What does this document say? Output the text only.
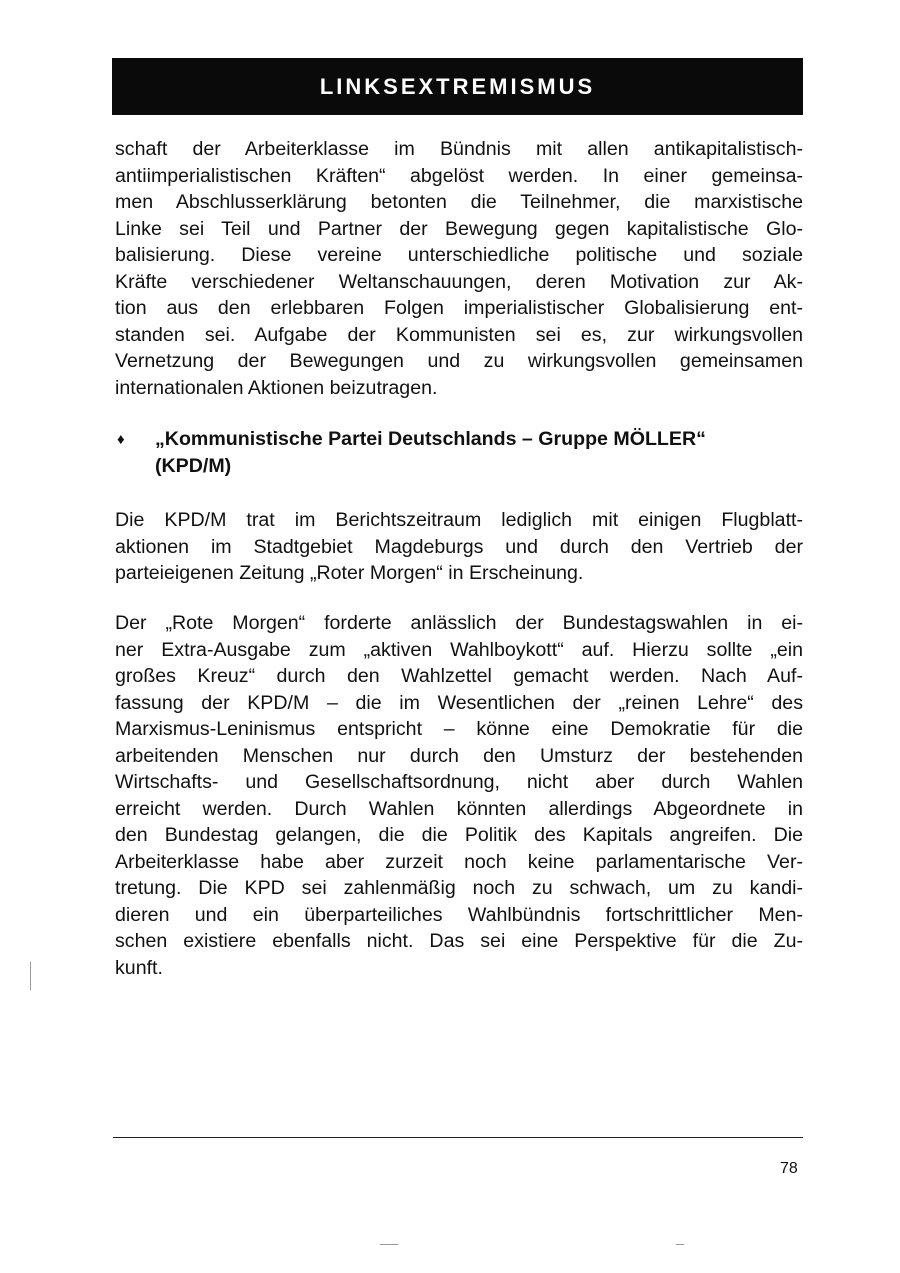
LINKSEXTREMISMUS
schaft der Arbeiterklasse im Bündnis mit allen antikapitalistisch-
antiimperialistischen Kräften“ abgelöst werden. In einer gemeinsa-
men Abschlusserklärung betonten die Teilnehmer, die marxistische
Linke sei Teil und Partner der Bewegung gegen kapitalistische Glo-
balisierung. Diese vereine unterschiedliche politische und soziale
Kräfte verschiedener Weltanschauungen, deren Motivation zur Ak-
tion aus den erlebbaren Folgen imperialistischer Globalisierung ent-
standen sei. Aufgabe der Kommunisten sei es, zur wirkungsvollen
Vernetzung der Bewegungen und zu wirkungsvollen gemeinsamen
internationalen Aktionen beizutragen.
♦ „Kommunistische Partei Deutschlands – Gruppe MÖLLER“
(KPD/M)
Die KPD/M trat im Berichtszeitraum lediglich mit einigen Flugblatt-
aktionen im Stadtgebiet Magdeburgs und durch den Vertrieb der
parteieigenen Zeitung „Roter Morgen“ in Erscheinung.
Der „Rote Morgen“ forderte anlässlich der Bundestagswahlen in ei-
ner Extra-Ausgabe zum „aktiven Wahlboykott“ auf. Hierzu sollte „ein
großes Kreuz“ durch den Wahlzettel gemacht werden. Nach Auf-
fassung der KPD/M – die im Wesentlichen der „reinen Lehre“ des
Marxismus-Leninismus entspricht – könne eine Demokratie für die
arbeitenden Menschen nur durch den Umsturz der bestehenden
Wirtschafts- und Gesellschaftsordnung, nicht aber durch Wahlen
erreicht werden. Durch Wahlen könnten allerdings Abgeordnete in
den Bundestag gelangen, die die Politik des Kapitals angreifen. Die
Arbeiterklasse habe aber zurzeit noch keine parlamentarische Ver-
tretung. Die KPD sei zahlenmäßig noch zu schwach, um zu kandi-
dieren und ein überparteiliches Wahlbündnis fortschrittlicher Men-
schen existiere ebenfalls nicht. Das sei eine Perspektive für die Zu-
kunft.
78
